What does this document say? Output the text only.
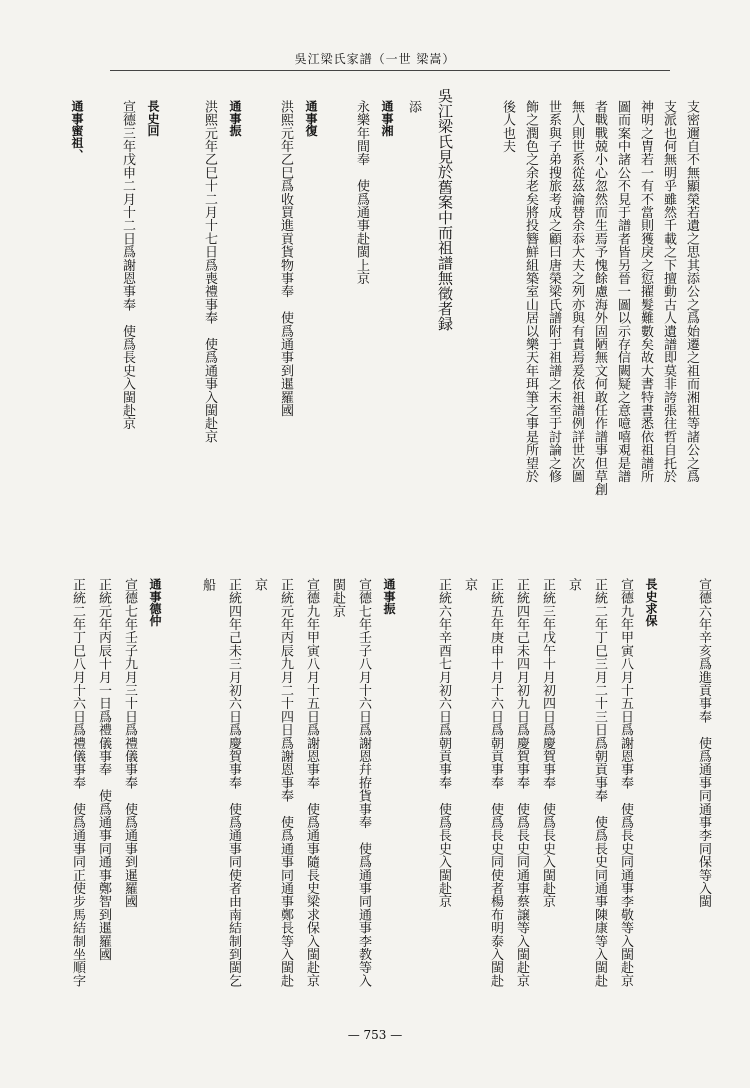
吳江梁氏家譜（一世 梁嵩）
支密邇自不無顯榮若遺之思其添公之爲始遷之祖而湘祖等諸公之爲
支派也何無明乎雖然千載之下擅動古人遺譜即莫非誇張往哲自托於
神明之胄若一有不當則獲戾之愆擢髮難數矣故大書特書悉依祖譜所
圖而案中諸公不見于譜者皆另晉一圖以示存信闕疑之意噫嘻覌是譜
者戰戰兢小心忽然而生焉予愧餘慮海外固陋無文何敢任作譜事但草創
無人則世系從茲淪替余忝大夫之列亦與有責焉爰依祖譜例詳世次圖
世系與子弟搜旅考成之顧曰唐榮梁氏譜附于祖譜之末至于討論之修
飾之潤色之余老矣將投簪鮮組築室山居以樂天年珥筆之事是所望於
後人也夫
吳江梁氏見於舊案中而祖譜無徵者録
添
通事湘
永樂年間奉　使爲通事赴閩上京
通事復
洪熙元年乙巳爲收買進貢貨物事奉　使爲通事到暹羅國
通事振
洪熙元年乙巳十二月十七日爲喪禮事奉　使爲通事入閩赴京
長史回
宣德三年戊申二月十二日爲謝恩事奉　使爲長史入閩赴京
通事蜜祖、
宣德六年辛亥爲進貢事奉　使爲通事同通事李同保等入閩
長史求保
宣德九年甲寅八月十五日爲謝恩事奉　使爲長史同通事李敬等入閩赴京
正統二年丁巳三月二十三日爲朝貢事奉　使爲長史同通事陳康等入閩赴
京
正統三年戊午十月初四日爲慶賀事奉　使爲長史入閩赴京
正統四年己未四月初九日爲慶賀事奉　使爲長史同通事蔡譲等入閩赴京
正統五年庚申十月十六日爲朝貢事奉　使爲長史同使者楊布明泰入閩赴
京
正統六年辛酉七月初六日爲朝貢事奉　使爲長史入閩赴京
通事振
宣德七年壬子八月十六日爲謝恩幷拵貨事奉　使爲通事同通事李教等入
閩赴京
宣德九年甲寅八月十五日爲謝恩事奉　使爲通事隨長史梁求保入閩赴京
正統元年丙辰九月二十四日爲謝恩事奉　使爲通事同通事鄭長等入閩赴
京
正統四年己未三月初六日爲慶賀事奉　使爲通事同使者由南結制到閩乞
船
通事德仲
宣德七年壬子九月三十日爲禮儀事奉　使爲通事到暹羅國
正統元年丙辰十月一日爲禮儀事奉　使爲通事同通事鄭智到暹羅國
正統二年丁巳八月十六日爲禮儀事奉　使爲通事同正使步馬結制坐順字
— 753 —
